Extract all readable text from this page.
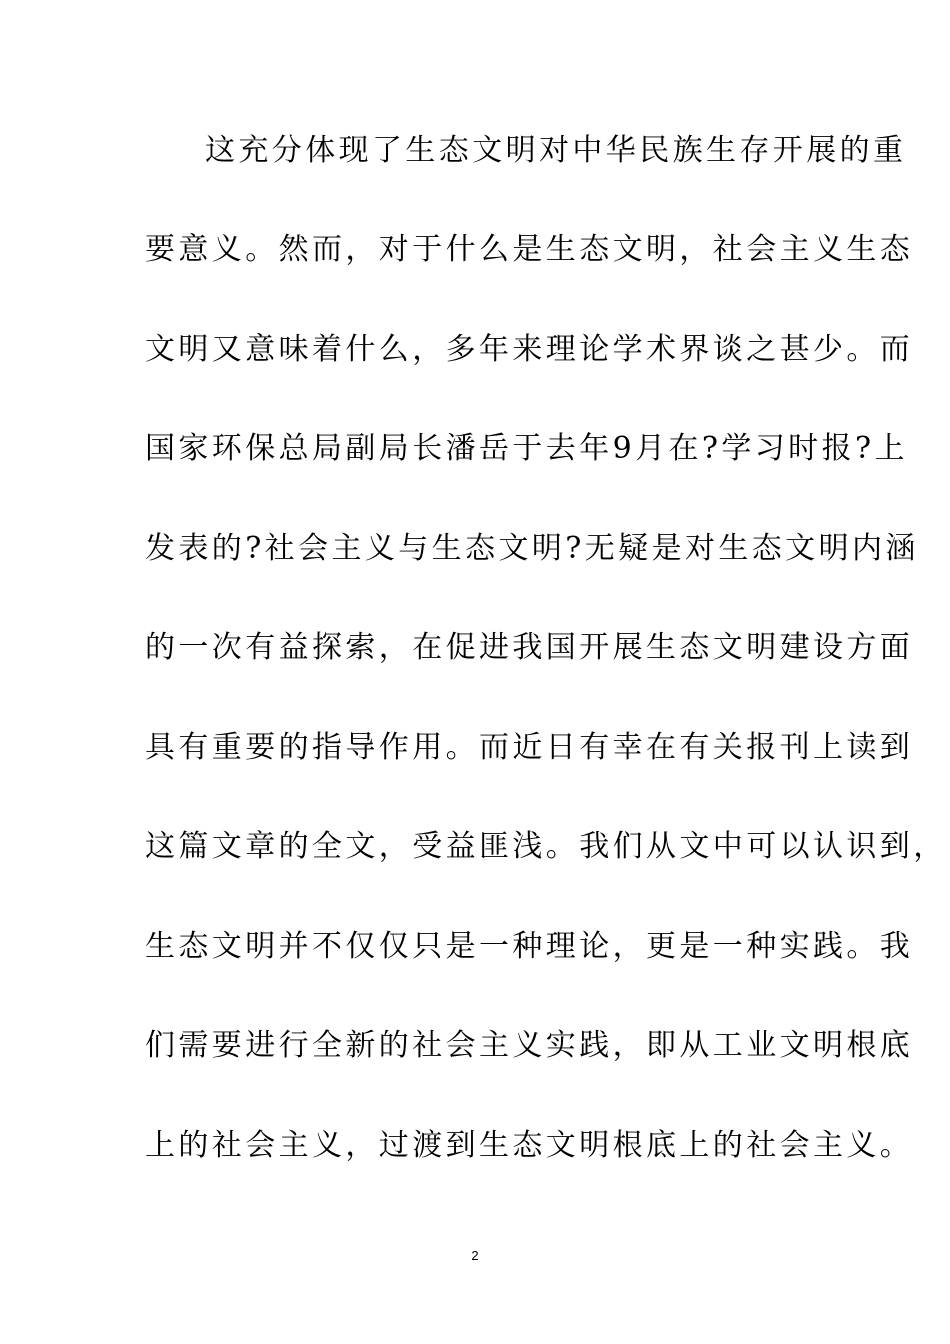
这充分体现了生态文明对中华民族生存开展的重
要意义。然而，对于什么是生态文明，社会主义生态
文明又意味着什么，多年来理论学术界谈之甚少。而
国家环保总局副局长潘岳于去年9月在?学习时报?上
发表的?社会主义与生态文明?无疑是对生态文明内涵
的一次有益探索，在促进我国开展生态文明建设方面
具有重要的指导作用。而近日有幸在有关报刊上读到
这篇文章的全文，受益匪浅。我们从文中可以认识到，
生态文明并不仅仅只是一种理论，更是一种实践。我
们需要进行全新的社会主义实践，即从工业文明根底
上的社会主义，过渡到生态文明根底上的社会主义。
2
